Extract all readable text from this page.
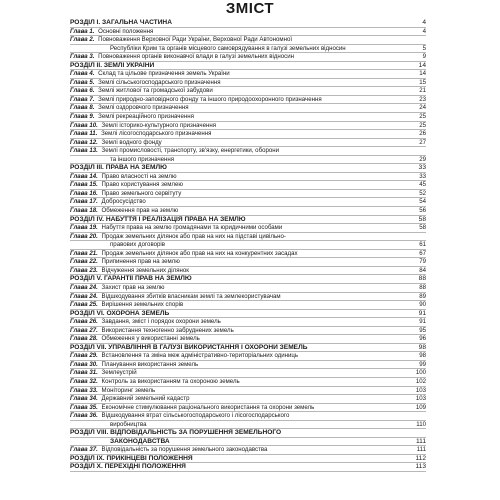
ЗМІСТ
РОЗДІЛ І. ЗАГАЛЬНА ЧАСТИНА	4
Глава 1. Основні положення	4
Глава 2. Повноваження Верховної Ради України, Верховної Ради Автономної
Республіки Крим та органів місцевого самоврядування в галузі земельних відносин	5
Глава 3. Повноваження органів виконавчої влади в галузі земельних відносин	9
РОЗДІЛ ІІ. ЗЕМЛІ УКРАЇНИ	14
Глава 4. Склад та цільове призначення земель України	14
Глава 5. Землі сільськогосподарського призначення	15
Глава 6. Землі житлової та громадської забудови	21
Глава 7. Землі природно-заповідного фонду та іншого природоохоронного призначення	23
Глава 8. Землі оздоровчого призначення	24
Глава 9. Землі рекреаційного призначення	25
Глава 10. Землі історико-культурного призначення	25
Глава 11. Землі лісогосподарського призначення	26
Глава 12. Землі водного фонду	27
Глава 13. Землі промисловості, транспорту, зв'язку, енергетики, оборони
та іншого призначення	29
РОЗДІЛ ІІІ. ПРАВА НА ЗЕМЛЮ	33
Глава 14. Право власності на землю	33
Глава 15. Право користування землею	45
Глава 16. Право земельного сервітуту	52
Глава 17. Добросусідство	54
Глава 18. Обмеження прав на землю	56
РОЗДІЛ IV. НАБУТТЯ І РЕАЛІЗАЦІЯ ПРАВА НА ЗЕМЛЮ	58
Глава 19. Набуття права на землю громадянами та юридичними особами	58
Глава 20. Продаж земельних ділянок або прав на них на підставі цивільно-
правових договорів	61
Глава 21. Продаж земельних ділянок або прав на них на конкурентних засадах	67
Глава 22. Припинення прав на землю	79
Глава 23. Відчуження земельних ділянок	84
РОЗДІЛ V. ГАРАНТІЇ ПРАВ НА ЗЕМЛЮ	88
Глава 24. Захист прав на землю	88
Глава 24. Відшкодування збитків власникам землі та землекористувачам	89
Глава 25. Вирішення земельних спорів	90
РОЗДІЛ VI. ОХОРОНА ЗЕМЕЛЬ	91
Глава 26. Завдання, зміст і порядок охорони земель	91
Глава 27. Використання техногенно забруднених земель	95
Глава 28. Обмеження у використанні земель	96
РОЗДІЛ VII. УПРАВЛІННЯ В ГАЛУЗІ ВИКОРИСТАННЯ І ОХОРОНИ ЗЕМЕЛЬ	98
Глава 29. Встановлення та зміна меж адміністративно-територіальних одиниць	98
Глава 30. Планування використання земель	99
Глава 31. Землеустрій	100
Глава 32. Контроль за використанням та охороною земель	102
Глава 33. Моніторинг земель	103
Глава 34. Державний земельний кадастр	103
Глава 35. Економічне стимулювання раціонального використання та охорони земель	109
Глава 36. Відшкодування втрат сільськогосподарського і лісогосподарського
виробництва	110
РОЗДІЛ VIII. ВІДПОВІДАЛЬНІСТЬ ЗА ПОРУШЕННЯ ЗЕМЕЛЬНОГО
ЗАКОНОДАВСТВА	111
Глава 37. Відповідальність за порушення земельного законодавства	111
РОЗДІЛ IX. ПРИКІНЦЕВІ ПОЛОЖЕННЯ	112
РОЗДІЛ X. ПЕРЕХІДНІ ПОЛОЖЕННЯ	113
